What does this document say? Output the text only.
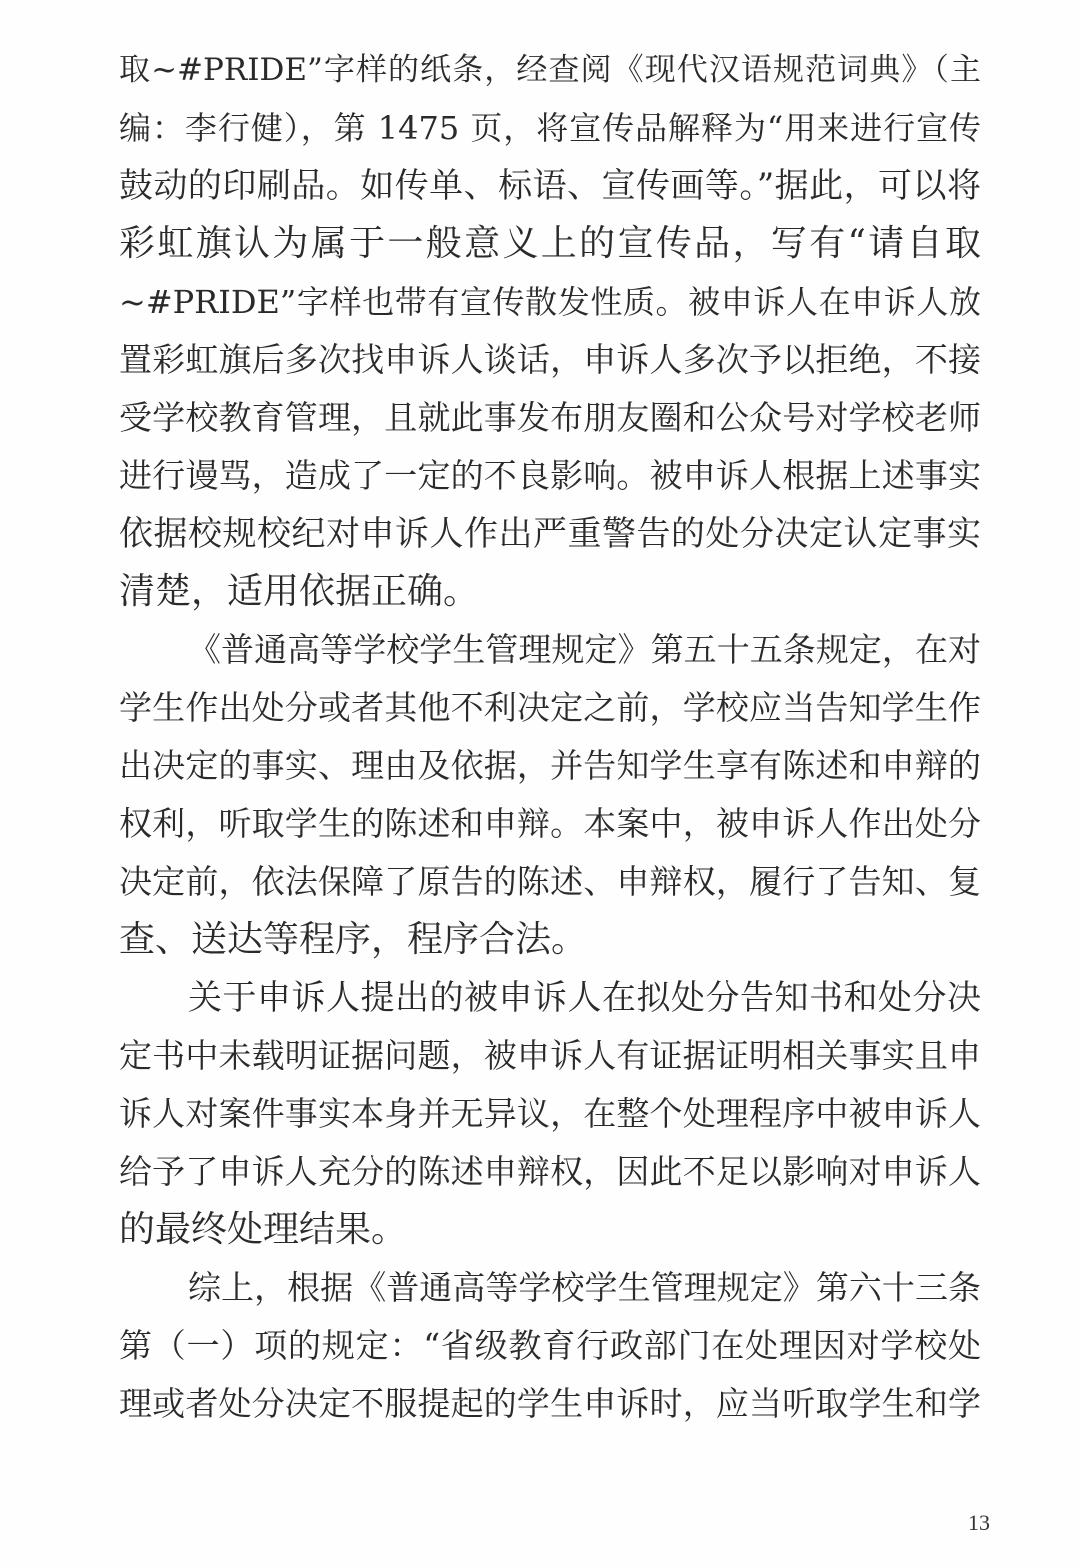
取~#PRIDE”字样的纸条，经查阅《现代汉语规范词典》（主
编：李行健），第 1475 页，将宣传品解释为“用来进行宣传
鼓动的印刷品。如传单、标语、宣传画等。”据此，可以将
彩虹旗认为属于一般意义上的宣传品，写有“请自取
~#PRIDE”字样也带有宣传散发性质。被申诉人在申诉人放
置彩虹旗后多次找申诉人谈话，申诉人多次予以拒绝，不接
受学校教育管理，且就此事发布朋友圈和公众号对学校老师
进行谩骂，造成了一定的不良影响。被申诉人根据上述事实
依据校规校纪对申诉人作出严重警告的处分决定认定事实
清楚，适用依据正确。
《普通高等学校学生管理规定》第五十五条规定，在对
学生作出处分或者其他不利决定之前，学校应当告知学生作
出决定的事实、理由及依据，并告知学生享有陈述和申辩的
权利，听取学生的陈述和申辩。本案中，被申诉人作出处分
决定前，依法保障了原告的陈述、申辩权，履行了告知、复
查、送达等程序，程序合法。
关于申诉人提出的被申诉人在拟处分告知书和处分决
定书中未载明证据问题，被申诉人有证据证明相关事实且申
诉人对案件事实本身并无异议，在整个处理程序中被申诉人
给予了申诉人充分的陈述申辩权，因此不足以影响对申诉人
的最终处理结果。
综上，根据《普通高等学校学生管理规定》第六十三条
第（一）项的规定：“省级教育行政部门在处理因对学校处
理或者处分决定不服提起的学生申诉时，应当听取学生和学
13
